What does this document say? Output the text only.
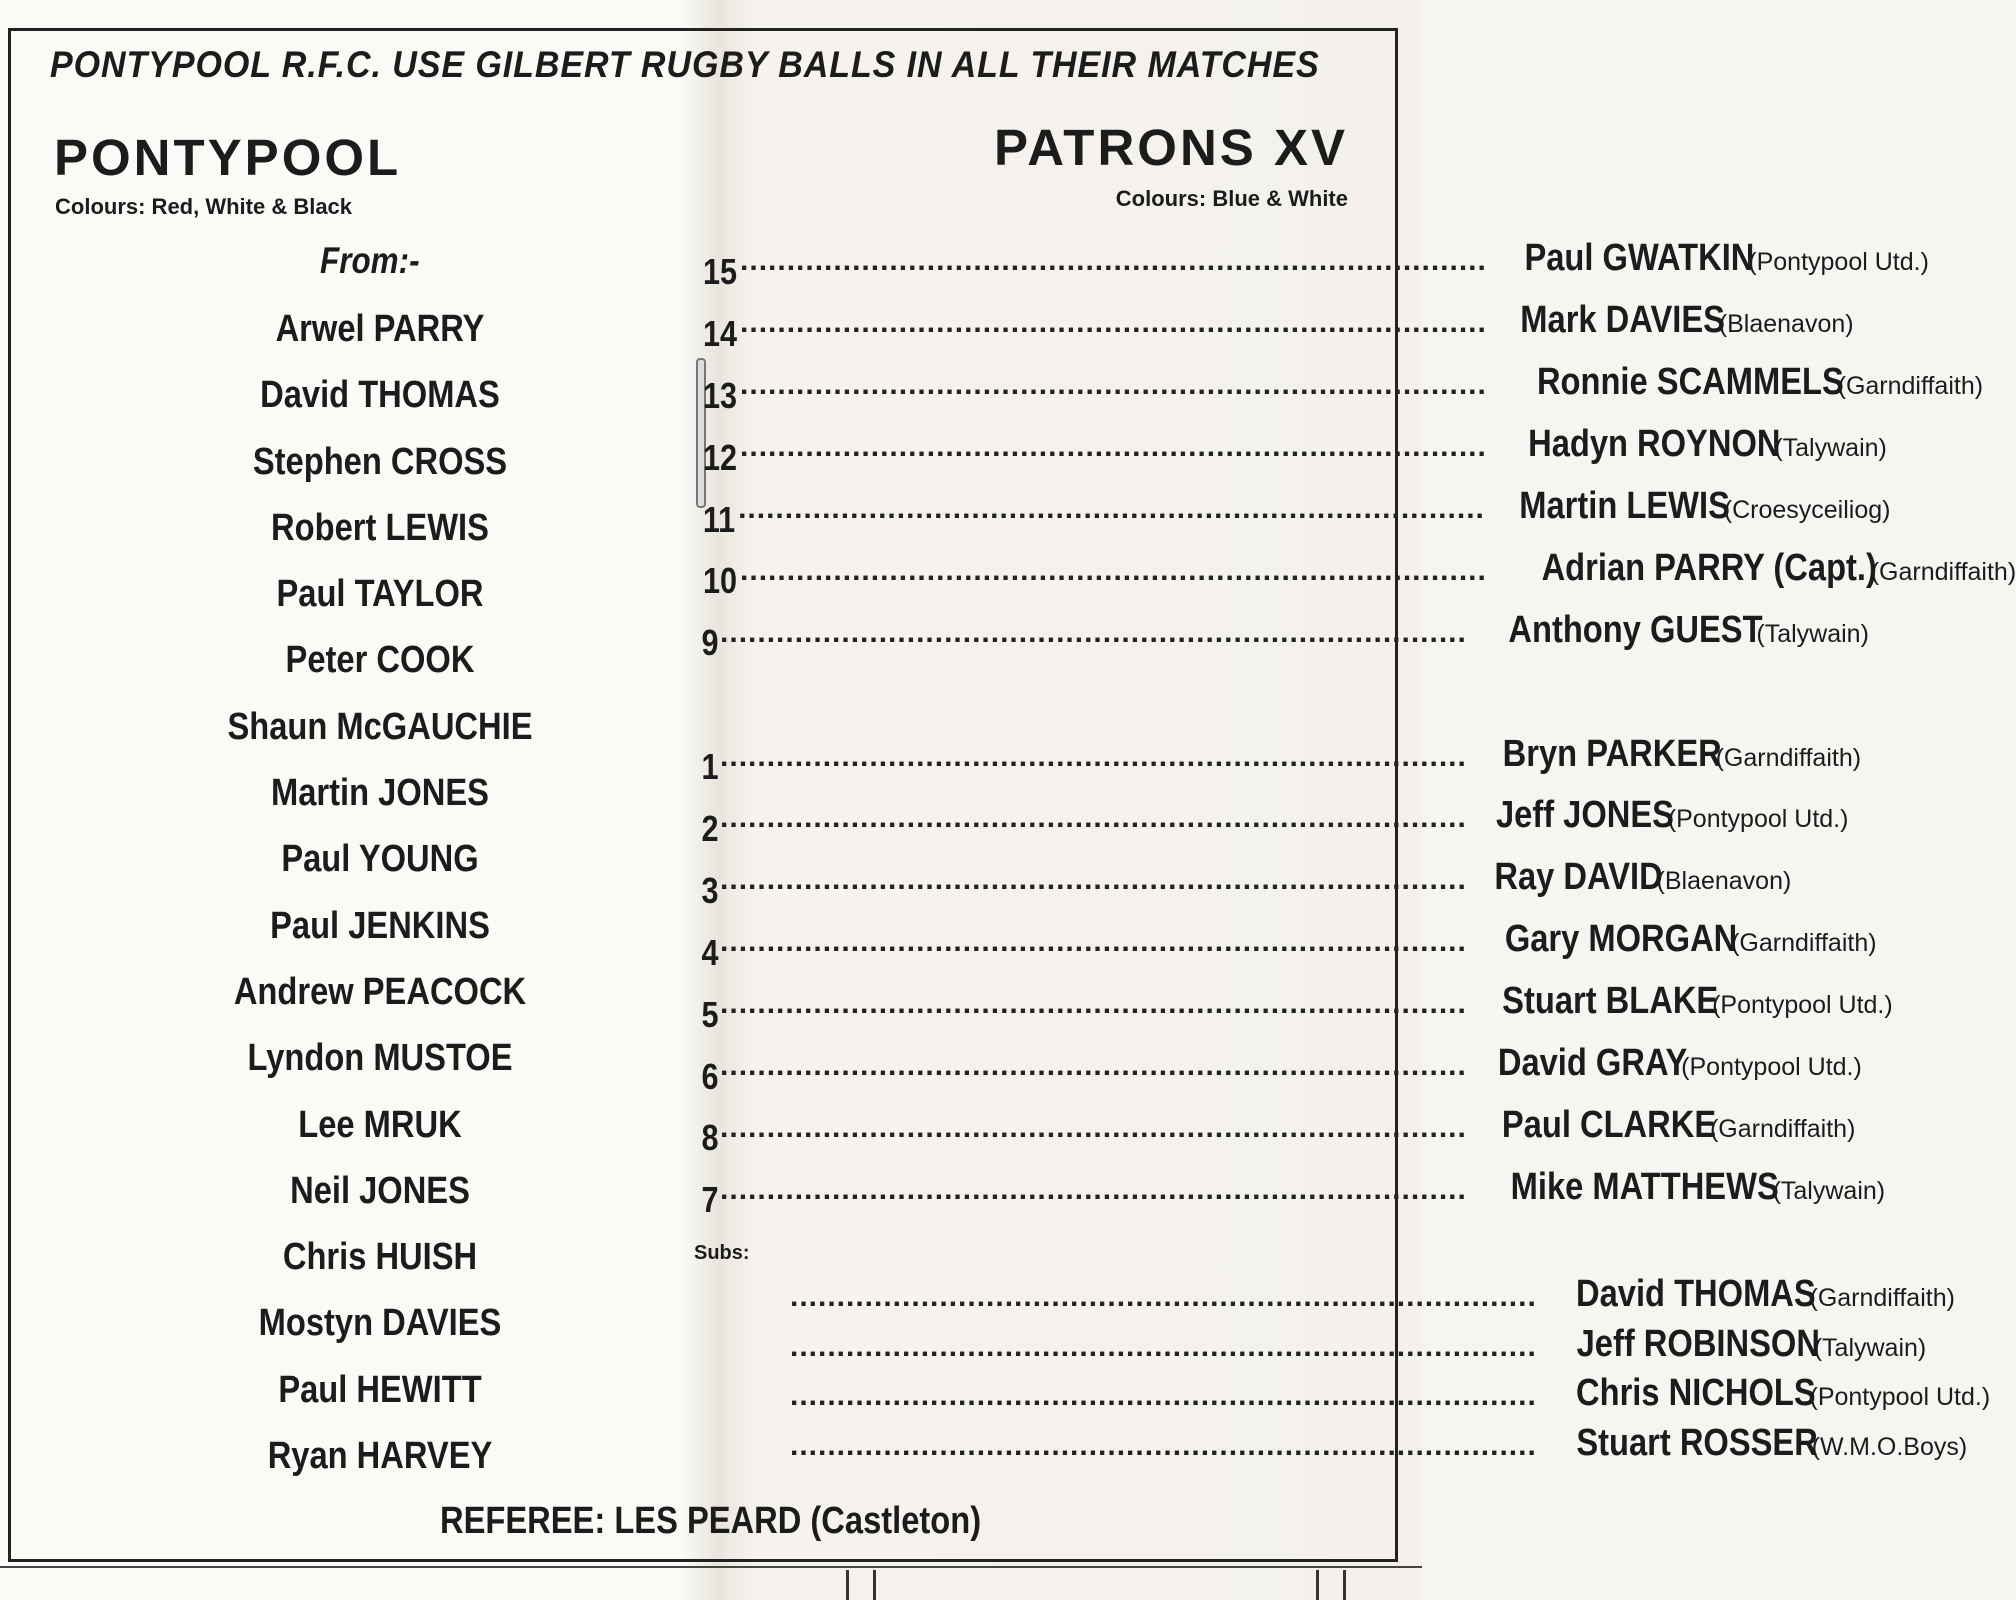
PONTYPOOL R.F.C. USE GILBERT RUGBY BALLS IN ALL THEIR MATCHES
PONTYPOOL
Colours: Red, White & Black
PATRONS XV
Colours: Blue & White
From:-
Arwel PARRY
David THOMAS
Stephen CROSS
Robert LEWIS
Paul TAYLOR
Peter COOK
Shaun McGAUCHIE
Martin JONES
Paul YOUNG
Paul JENKINS
Andrew PEACOCK
Lyndon MUSTOE
Lee MRUK
Neil JONES
Chris HUISH
Mostyn DAVIES
Paul HEWITT
Ryan HARVEY
15 ................................................................................ Paul GWATKIN
(Pontypool Utd.)
14 ................................................................................ Mark DAVIES
(Blaenavon)
13 ................................................................................ Ronnie SCAMMELS
(Garndiffaith)
12 ................................................................................ Hadyn ROYNON
(Talywain)
11 ................................................................................ Martin LEWIS
(Croesyceiliog)
10 ................................................................................ Adrian PARRY (Capt.)
(Garndiffaith)
9 ................................................................................ Anthony GUEST
(Talywain)
1 ................................................................................ Bryn PARKER
(Garndiffaith)
2 ................................................................................ Jeff JONES
(Pontypool Utd.)
3 ................................................................................ Ray DAVID
(Blaenavon)
4 ................................................................................ Gary MORGAN
(Garndiffaith)
5 ................................................................................ Stuart BLAKE
(Pontypool Utd.)
6 ................................................................................ David GRAY
(Pontypool Utd.)
8 ................................................................................ Paul CLARKE
(Garndiffaith)
7 ................................................................................ Mike MATTHEWS
(Talywain)
Subs:
................................................................................ David THOMAS
(Garndiffaith)
................................................................................ Jeff ROBINSON
(Talywain)
................................................................................ Chris NICHOLS
(Pontypool Utd.)
................................................................................ Stuart ROSSER
(W.M.O.Boys)
REFEREE: LES PEARD (Castleton)
